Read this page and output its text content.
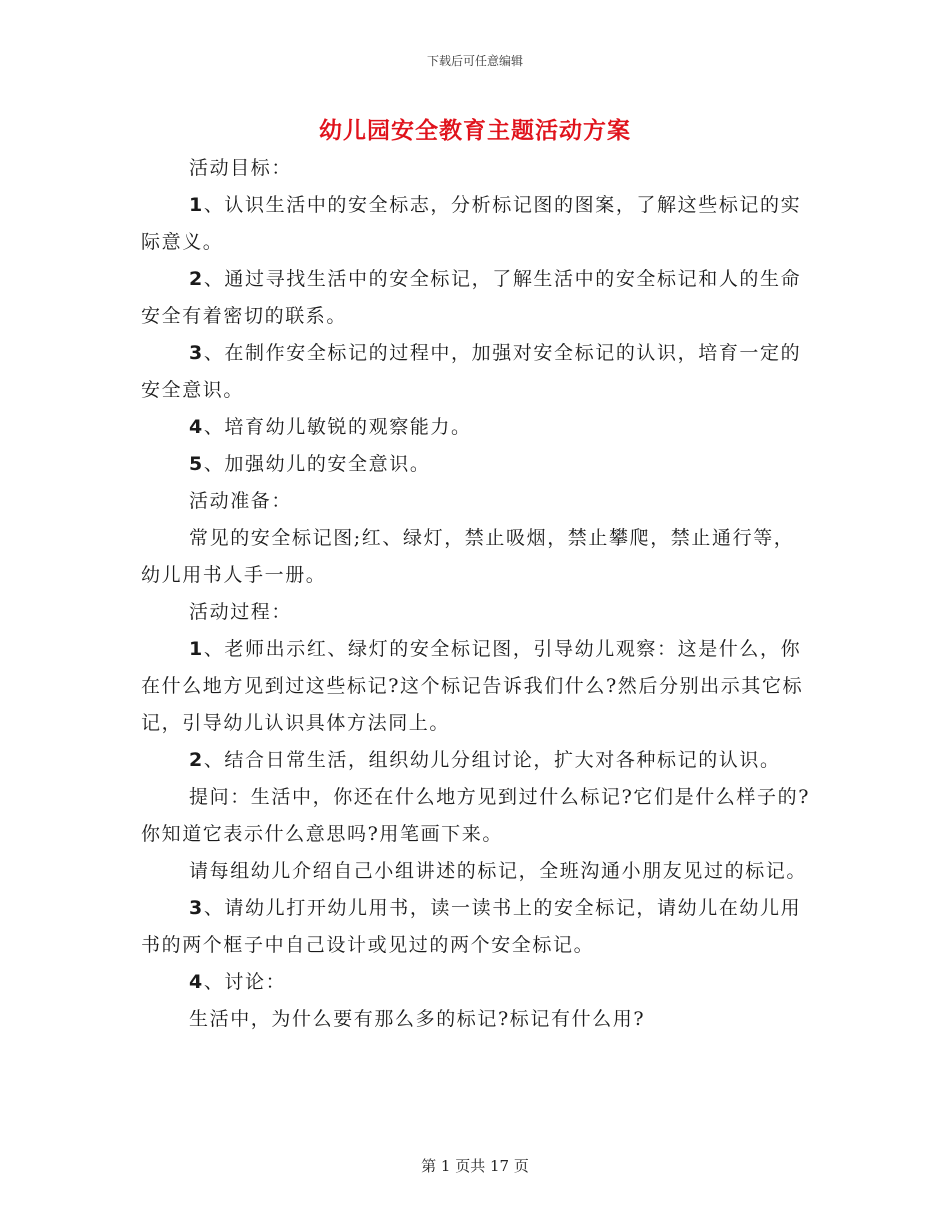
下载后可任意编辑
幼儿园安全教育主题活动方案

活动目标：

1、认识生活中的安全标志，分析标记图的图案，了解这些标记的实际意义。

2、通过寻找生活中的安全标记，了解生活中的安全标记和人的生命安全有着密切的联系。

3、在制作安全标记的过程中，加强对安全标记的认识，培育一定的安全意识。

4、培育幼儿敏锐的观察能力。

5、加强幼儿的安全意识。

活动准备：

常见的安全标记图;红、绿灯，禁止吸烟，禁止攀爬，禁止通行等，幼儿用书人手一册。

活动过程：

1、老师出示红、绿灯的安全标记图，引导幼儿观察：这是什么，你在什么地方见到过这些标记?这个标记告诉我们什么?然后分别出示其它标记，引导幼儿认识具体方法同上。

2、结合日常生活，组织幼儿分组讨论，扩大对各种标记的认识。

提问：生活中，你还在什么地方见到过什么标记?它们是什么样子的?你知道它表示什么意思吗?用笔画下来。

请每组幼儿介绍自己小组讲述的标记，全班沟通小朋友见过的标记。

3、请幼儿打开幼儿用书，读一读书上的安全标记，请幼儿在幼儿用书的两个框子中自己设计或见过的两个安全标记。

4、讨论：

生活中，为什么要有那么多的标记?标记有什么用?

第 1 页共 17 页
